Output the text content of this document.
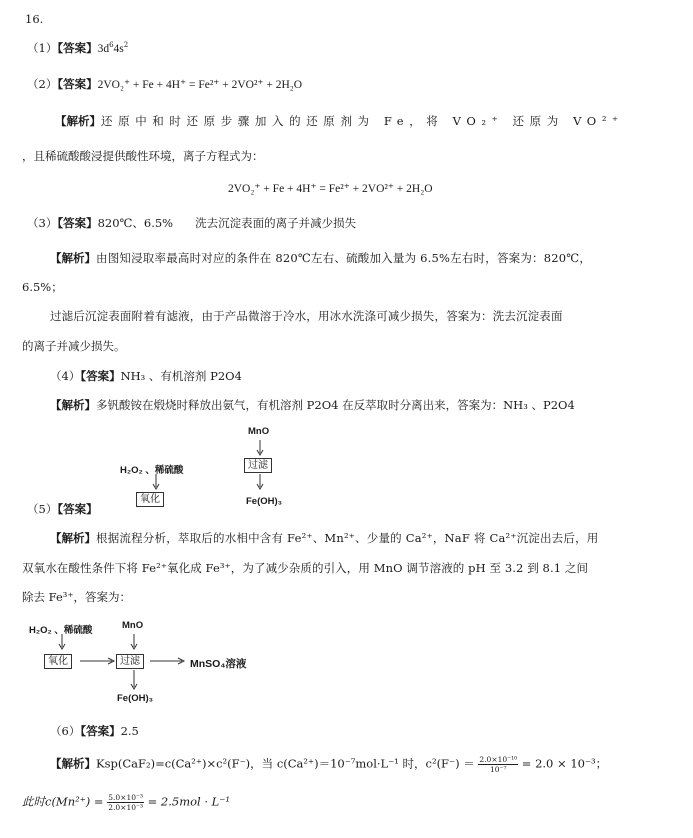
16.
（1）【答案】$3d^64s^2$
（2）【答案】2VO₂⁺ + Fe + 4H⁺ = Fe²⁺ + 2VO²⁺ + 2H₂O
【解析】还原中和时还原步骤加入的还原剂为 Fe，将 VO₂⁺ 还原为 VO²⁺
，且稀硫酸酸浸提供酸性环境，离子方程式为：
2VO₂⁺ + Fe + 4H⁺ = Fe²⁺ + 2VO²⁺ + 2H₂O
（3）【答案】820℃、6.5% 洗去沉淀表面的离子并减少损失
【解析】由图知浸取率最高时对应的条件在 820℃左右、硫酸加入量为 6.5%左右时，答案为：820℃，
6.5%；
过滤后沉淀表面附着有滤液，由于产品微溶于冷水，用冰水洗涤可减少损失，答案为：洗去沉淀表面
的离子并减少损失。
（4）【答案】NH₃ 、有机溶剂 P2O4
【解析】多钒酸铵在煅烧时释放出氨气，有机溶剂 P2O4 在反萃取时分离出来，答案为：NH₃ 、P2O4
MnO
过滤
H₂O₂ 、稀硫酸
氧化	Fe(OH)₃
（5）【答案】
【解析】根据流程分析，萃取后的水相中含有 Fe²⁺、Mn²⁺、少量的 Ca²⁺，NaF 将 Ca²⁺沉淀出去后，用
双氧水在酸性条件下将 Fe²⁺氧化成 Fe³⁺，为了减少杂质的引入，用 MnO 调节溶液的 pH 至 3.2 到 8.1 之间
除去 Fe³⁺，答案为：
H₂O₂ 、稀硫酸	MnO
氧化	过滤	MnSO₄溶液
Fe(OH)₃
（6）【答案】2.5
【解析】Ksp(CaF₂)=c(Ca²⁺)×c²(F⁻)，当 c(Ca²⁺)＝10⁻⁷mol·L⁻¹ 时，$c^2(F^-) = \frac{\text{2.0×10⁻¹⁰}}{\text{10⁻⁷}} = 2.0 \times 10^{-3}$；
此时$c(Mn^{2+}) = \frac{\text{5.0×10⁻³}}{\text{2.0×10⁻³}} = 2.5mol \cdot L^{-1}$
